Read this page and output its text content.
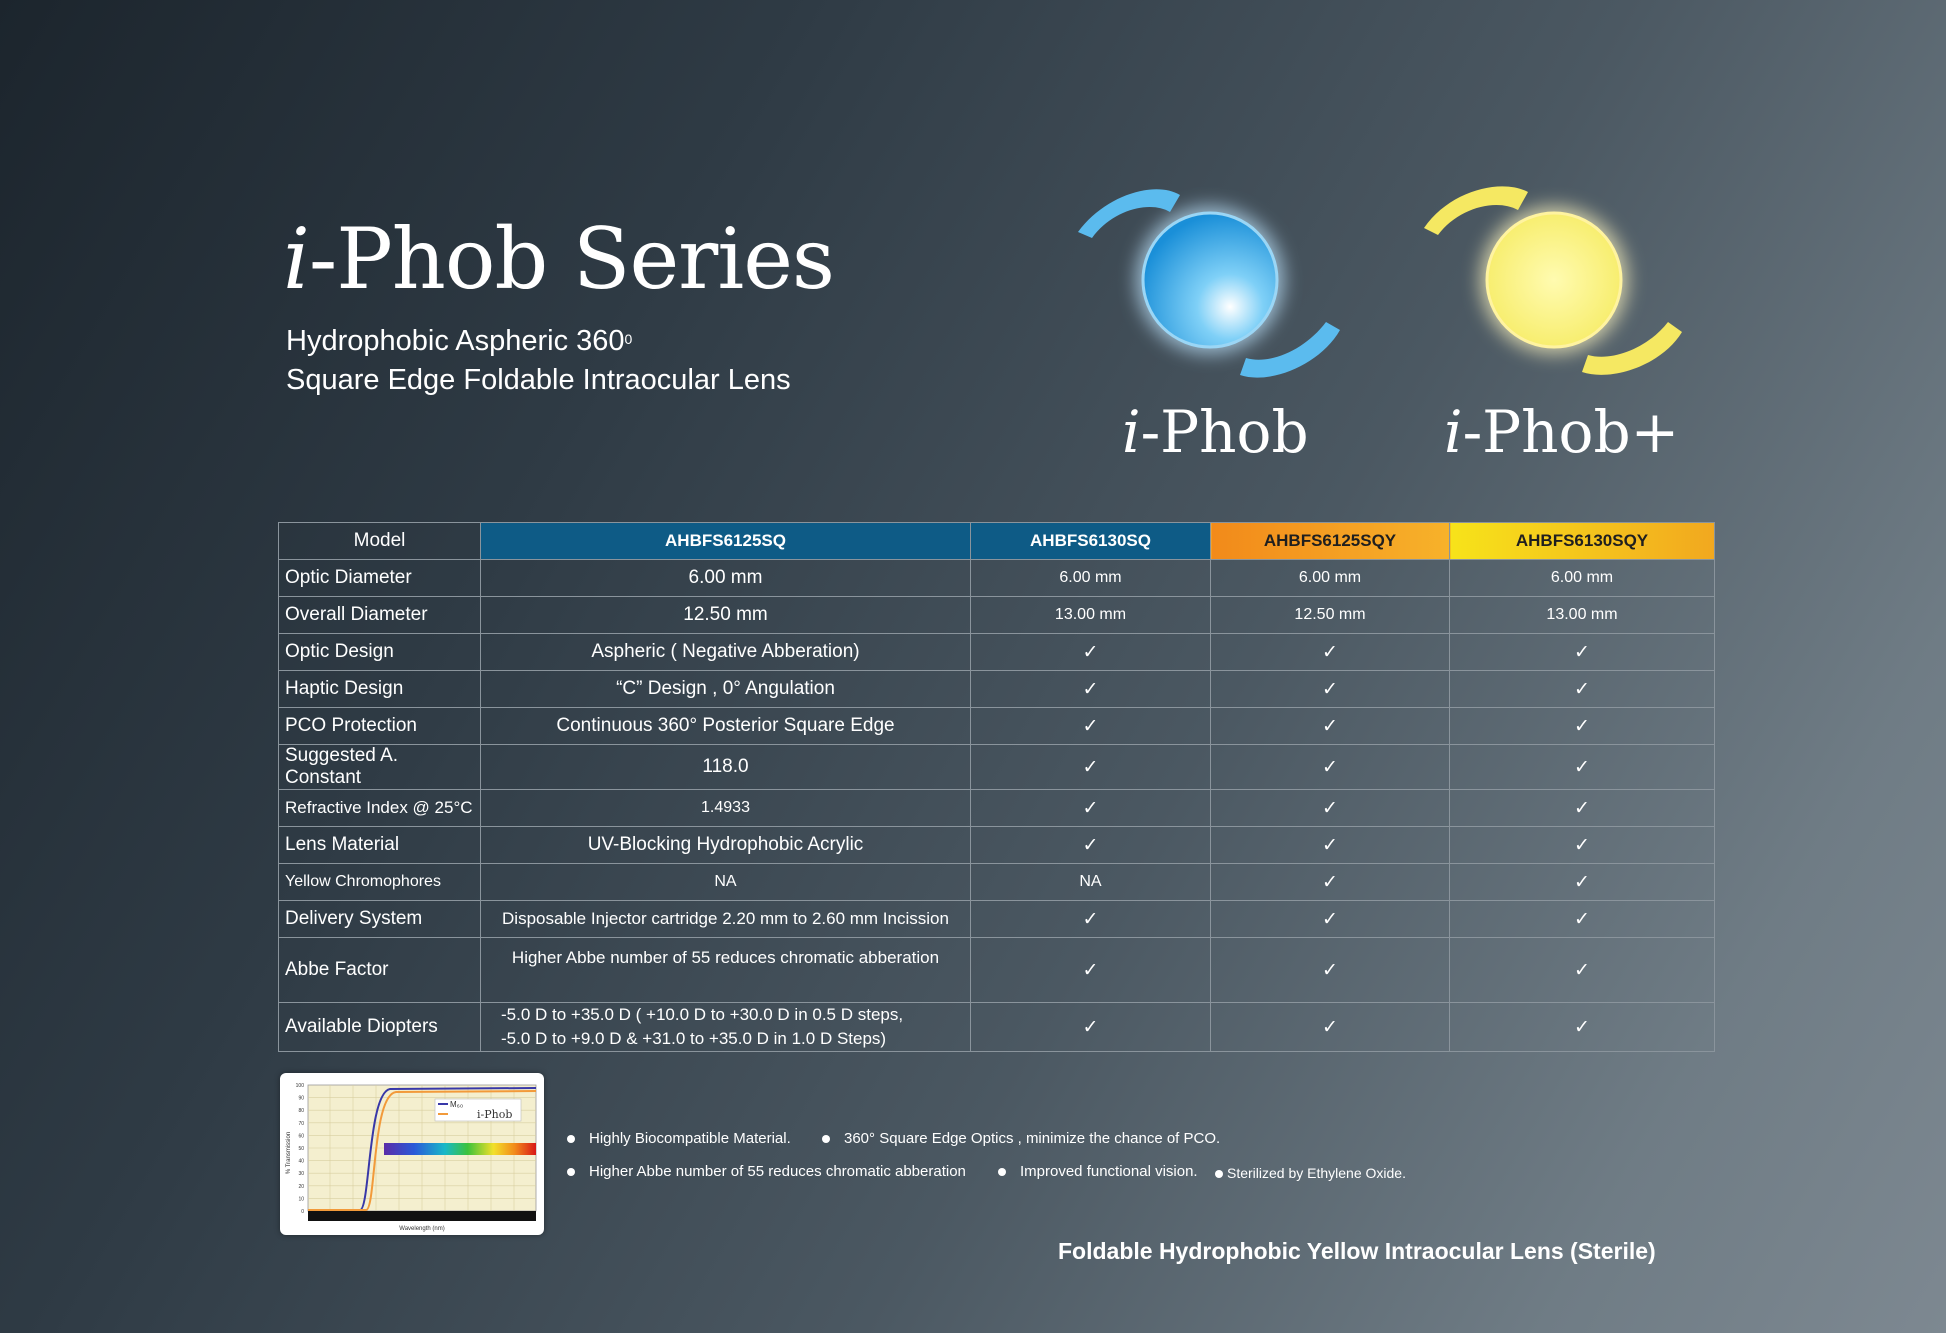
i-Phob Series
Hydrophobic Aspheric $360^0$
Square Edge Foldable Intraocular Lens
i-Phob i-Phob+
Model	AHBFS6125SQ	AHBFS6130SQ	AHBFS6125SQY	AHBFS6130SQY
Optic Diameter	6.00 mm	6.00 mm	6.00 mm	6.00 mm
Overall Diameter	12.50 mm	13.00 mm	12.50 mm	13.00 mm
Optic Design	Aspheric ( Negative Abberation)	✓	✓	✓
Haptic Design	“C” Design , 0° Angulation	✓	✓	✓
PCO Protection	Continuous 360° Posterior Square Edge	✓	✓	✓
Suggested A. Constant	118.0	✓	✓	✓
Refractive Index @ 25°C	1.4933	✓	✓	✓
Lens Material	UV-Blocking Hydrophobic Acrylic	✓	✓	✓
Yellow Chromophores	NA	NA	✓	✓
Delivery System	Disposable Injector cartridge 2.20 mm to 2.60 mm Incission	✓	✓	✓
Abbe Factor	Higher Abbe number of 55 reduces chromatic abberation	✓	✓	✓
Available Diopters	-5.0 D to +35.0 D ( +10.0 D to +30.0 D in 0.5 D steps,
-5.0 D to +9.0 D & +31.0 to +35.0 D in 1.0 D Steps)	✓	✓	✓
M₆₀
i-Phob
100
90
80
70
60
50
40
30
20
10
0
% Transmission
Wavelength (nm)
Highly Biocompatible Material.	360° Square Edge Optics , minimize the chance of PCO.
Higher Abbe number of 55 reduces chromatic abberation	Improved functional vision.	Sterilized by Ethylene Oxide.
Foldable Hydrophobic Yellow Intraocular Lens (Sterile)
